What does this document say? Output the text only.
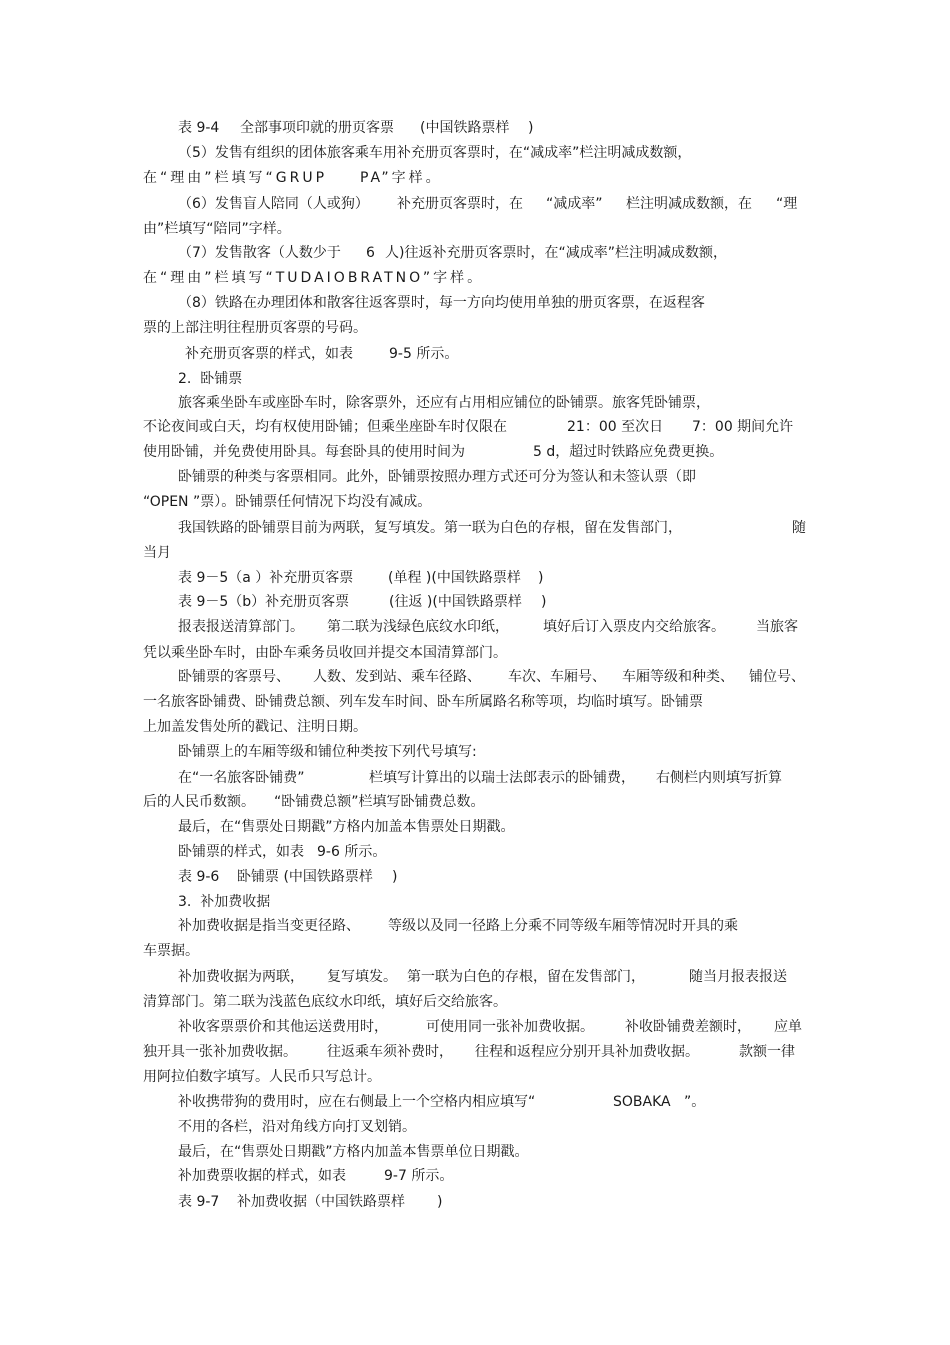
表 9-4

全部事项印就的册页客票

(中国铁路票样

)

（5）发售有组织的团体旅客乘车用补充册页客票时，在“减成率”栏注明减成数额，

在“理由”栏填写“GRUP

PA”字样。

（6）发售盲人陪同（人或狗）

补充册页客票时，在

“减成率”

栏注明减成数额，在

“理

由”栏填写“陪同”字样。

（7）发售散客（人数少于

6

人)往返补充册页客票时，在“减成率”栏注明减成数额，

在“理由”栏填写“TUDAIOBRATNO”字样。

（8）铁路在办理团体和散客往返客票时，每一方向均使用单独的册页客票，在返程客

票的上部注明往程册页客票的号码。

补充册页客票的样式，如表

	9-5 所示。

2.  卧铺票

旅客乘坐卧车或座卧车时，除客票外，还应有占用相应铺位的卧铺票。旅客凭卧铺票，

不论夜间或白天，均有权使用卧铺；但乘坐座卧车时仅限在

	21：00 至次日

7：00 期间允许

使用卧铺，并免费使用卧具。每套卧具的使用时间为

	5 d，超过时铁路应免费更换。

卧铺票的种类与客票相同。此外，卧铺票按照办理方式还可分为签认和未签认票（即

“OPEN ”票）。卧铺票任何情况下均没有减成。

我国铁路的卧铺票目前为两联，复写填发。第一联为白色的存根，留在发售部门，

	随

当月

表 9－5（a ）补充册页客票

(单程 )(中国铁路票样

)

表 9－5（b）补充册页客票

	(往返 )(中国铁路票样

)

报表报送清算部门。

第二联为浅绿色底纹水印纸，

填好后订入票皮内交给旅客。

当旅客

凭以乘坐卧车时，由卧车乘务员收回并提交本国清算部门。

卧铺票的客票号、

人数、发到站、乘车径路、

车次、车厢号、

车厢等级和种类、

铺位号、

一名旅客卧铺费、卧铺费总额、列车发车时间、卧车所属路名称等项，均临时填写。卧铺票

上加盖发售处所的戳记、注明日期。

卧铺票上的车厢等级和铺位种类按下列代号填写:

在“一名旅客卧铺费”

	栏填写计算出的以瑞士法郎表示的卧铺费，

右侧栏内则填写折算

后的人民币数额。

“卧铺费总额”栏填写卧铺费总数。

最后，在“售票处日期戳”方格内加盖本售票处日期戳。

卧铺票的样式，如表

9-6 所示。

表 9-6

卧铺票 (中国铁路票样

)

3.  补加费收据

补加费收据是指当变更径路、

等级以及同一径路上分乘不同等级车厢等情况时开具的乘

车票据。

补加费收据为两联，

复写填发。

第一联为白色的存根，留在发售部门，

	随当月报表报送

清算部门。第二联为浅蓝色底纹水印纸，填好后交给旅客。

补收客票票价和其他运送费用时，

	可使用同一张补加费收据。

补收卧铺费差额时，

应单

独开具一张补加费收据。

往返乘车须补费时，

往程和返程应分别开具补加费收据。

	款额一律

用阿拉伯数字填写。人民币只写总计。

补收携带狗的费用时，应在右侧最上一个空格内相应填写“

	SOBAKA

”。

不用的各栏，沿对角线方向打叉划销。

最后，在“售票处日期戳”方格内加盖本售票单位日期戳。

补加费票收据的样式，如表

	9-7 所示。

表 9-7

补加费收据（中国铁路票样

)
